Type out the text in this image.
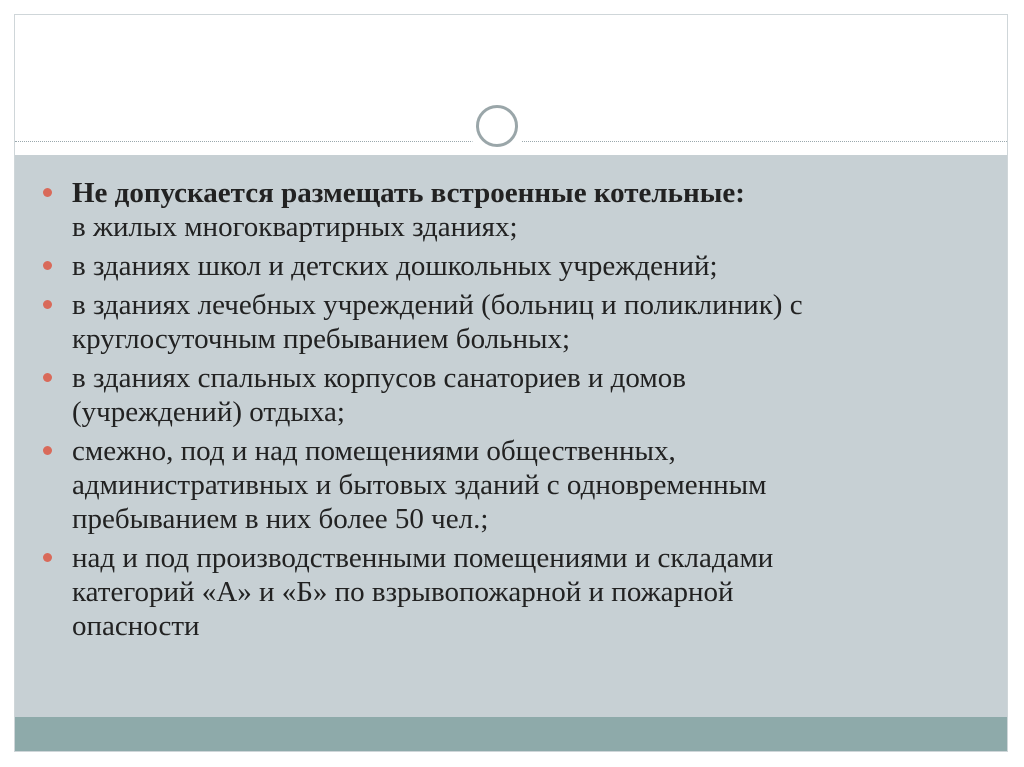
Не допускается размещать встроенные котельные:
в жилых многоквартирных зданиях;
в зданиях школ и детских дошкольных учреждений;
в зданиях лечебных учреждений (больниц и поликлиник) с
круглосуточным пребыванием больных;
в зданиях спальных корпусов санаториев и домов
(учреждений) отдыха;
смежно, под и над помещениями общественных,
административных и бытовых зданий с одновременным
пребыванием в них более 50 чел.;
над и под производственными помещениями и складами
категорий «А» и «Б» по взрывопожарной и пожарной
опасности
